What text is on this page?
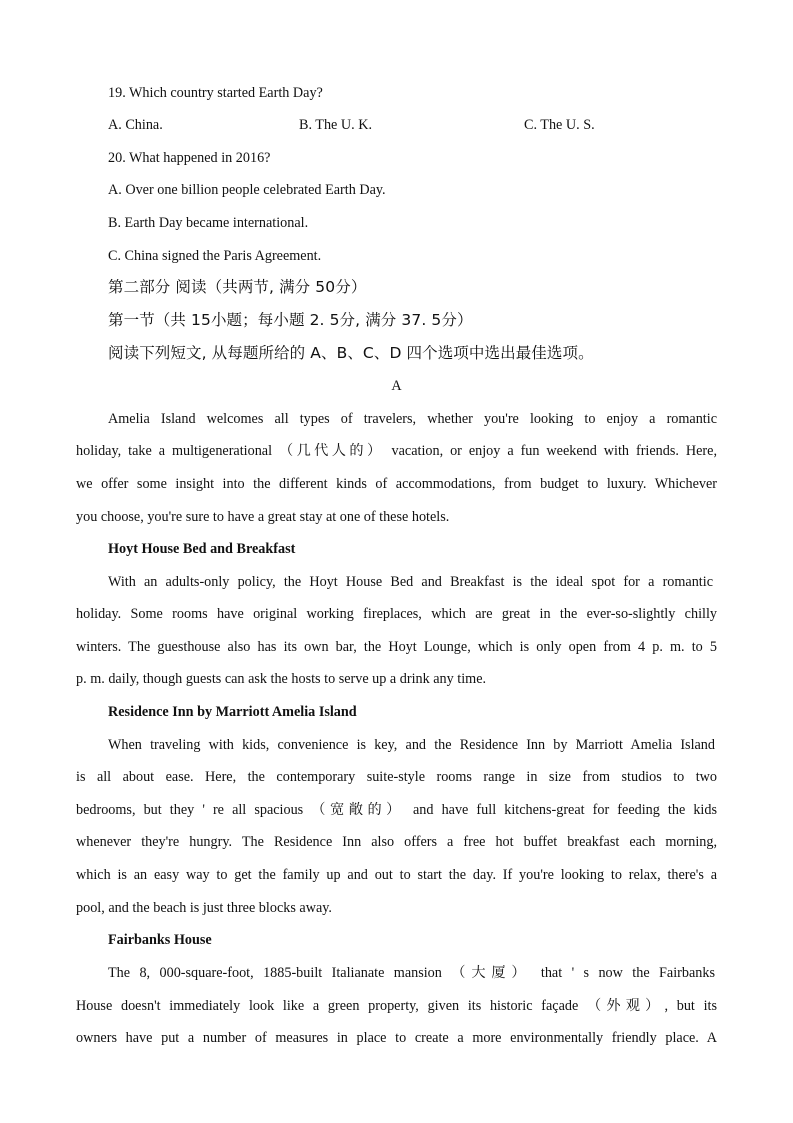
19. Which country started Earth Day?
A. China.	B. The U. K.	C. The U. S.
20. What happened in 2016?
A. Over one billion people celebrated Earth Day.
B. Earth Day became international.
C. China signed the Paris Agreement.
第二部分 阅读（共两节, 满分 50分）
第一节（共 15小题；每小题 2. 5分, 满分 37. 5分）
阅读下列短文, 从每题所给的 A、B、C、D 四个选项中选出最佳选项。
A
Amelia Island welcomes all types of travelers, whether you're looking to enjoy a romantic
holiday, take a multigenerational （几代人的） vacation, or enjoy a fun weekend with friends. Here,
we offer some insight into the different kinds of accommodations, from budget to luxury. Whichever
you choose, you're sure to have a great stay at one of these hotels.
Hoyt House Bed and Breakfast
With an adults-only policy, the Hoyt House Bed and Breakfast is the ideal spot for a romantic
holiday. Some rooms have original working fireplaces, which are great in the ever-so-slightly chilly
winters. The guesthouse also has its own bar, the Hoyt Lounge, which is only open from 4 p. m. to 5
p. m. daily, though guests can ask the hosts to serve up a drink any time.
Residence Inn by Marriott Amelia Island
When traveling with kids, convenience is key, and the Residence Inn by Marriott Amelia Island
is all about ease. Here, the contemporary suite-style rooms range in size from studios to two
bedrooms, but they ' re all spacious （宽敞的） and have full kitchens-great for feeding the kids
whenever they're hungry. The Residence Inn also offers a free hot buffet breakfast each morning,
which is an easy way to get the family up and out to start the day. If you're looking to relax, there's a
pool, and the beach is just three blocks away.
Fairbanks House
The 8, 000-square-foot, 1885-built Italianate mansion （大厦） that ' s now the Fairbanks
House doesn't immediately look like a green property, given its historic façade （外观）, but its
owners have put a number of measures in place to create a more environmentally friendly place. A
